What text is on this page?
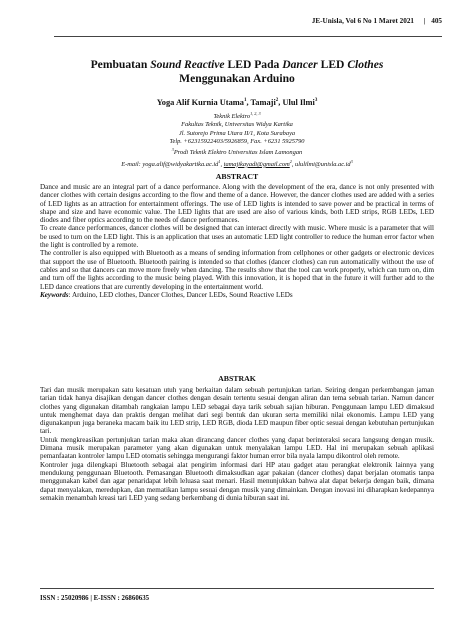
JE-Unisla, Vol 6 No 1 Maret 2021 | 405
Pembuatan Sound Reactive LED Pada Dancer LED Clothes
Menggunakan Arduino
Yoga Alif Kurnia Utama$^1$, Tamaji$^2$, Ulul Ilmi$^3$
Teknik Elektro$^{1, 2, 3}$
Fakultas Teknik, Universitas Widya Kartika
Jl. Sutorejo Prima Utara II/1, Kota Surabaya
Telp. +62315922403/5926859, Fax. +6231 5925790
$^3$Prodi Teknik Elektro Universitas Islam Lamongan
E-mail: $yoga.alif@widyakartika.ac.id^1$, tamajikayadi@gmail.com$^2$, $ululilmi@unisla.ac.id^3$
ABSTRACT

Dance and music are an integral part of a dance performance. Along with the development of the era, dance is not only presented with dancer clothes with certain designs according to the flow and theme of a dance. However, the dancer clothes used are added with a series of LED lights as an attraction for entertainment offerings. The use of LED lights is intended to save power and be practical in terms of shape and size and have economic value. The LED lights that are used are also of various kinds, both LED strips, RGB LEDs, LED diodes and fiber optics according to the needs of dance performances.

To create dance performances, dancer clothes will be designed that can interact directly with music. Where music is a parameter that will be used to turn on the LED light. This is an application that uses an automatic LED light controller to reduce the human error factor when the light is controlled by a remote.

The controller is also equipped with Bluetooth as a means of sending information from cellphones or other gadgets or electronic devices that support the use of Bluetooth. Bluetooth pairing is intended so that clothes (dancer clothes) can run automatically without the use of cables and so that dancers can move more freely when dancing. The results show that the tool can work properly, which can turn on, dim and turn off the lights according to the music being played. With this innovation, it is hoped that in the future it will further add to the LED dance creations that are currently developing in the entertainment world.

Keywords: Arduino, LED clothes, Dancer Clothes, Dancer LEDs, Sound Reactive LEDs

ABSTRAK

Tari dan musik merupakan satu kesatuan utuh yang berkaitan dalam sebuah pertunjukan tarian. Seiring dengan perkembangan jaman tarian tidak hanya disajikan dengan dancer clothes dengan desain tertentu sesuai dengan aliran dan tema sebuah tarian. Namun dancer clothes yang digunakan ditambah rangkaian lampu LED sebagai daya tarik sebuah sajian hiburan. Penggunaan lampu LED dimaksud untuk menghemat daya dan praktis dengan melihat dari segi bentuk dan ukuran serta memiliki nilai ekonomis. Lampu LED yang digunakanpun juga beraneka macam baik itu LED strip, LED RGB, dioda LED maupun fiber optic sesuai dengan kebutuhan pertunjukan tari.

Untuk mengkreasikan pertunjukan tarian maka akan dirancang dancer clothes yang dapat berinteraksi secara langsung dengan musik. Dimana musik merupakan parameter yang akan digunakan untuk menyalakan lampu LED. Hal ini merupakan sebuah aplikasi pemanfaatan kontroler lampu LED otomatis sehingga mengurangi faktor human error bila nyala lampu dikontrol oleh remote.

Kontroler juga dilengkapi Bluetooth sebagai alat pengirim informasi dari HP atau gadget atau perangkat elektronik lainnya yang mendukung penggunaan Bluetooth. Pemasangan Bluetooth dimaksudkan agar pakaian (dancer clothes) dapat berjalan otomatis tanpa menggunakan kabel dan agar penaridapat lebih leluasa saat menari. Hasil menunjukkan bahwa alat dapat bekerja dengan baik, dimana dapat menyalakan, meredupkan, dan mematikan lampu sesuai dengan musik yang dimainkan. Dengan inovasi ini diharapkan kedepannya semakin menambah kreasi tari LED yang sedang berkembang di dunia hiburan saat ini.

ISSN : 25020986 | E-ISSN : 26860635
